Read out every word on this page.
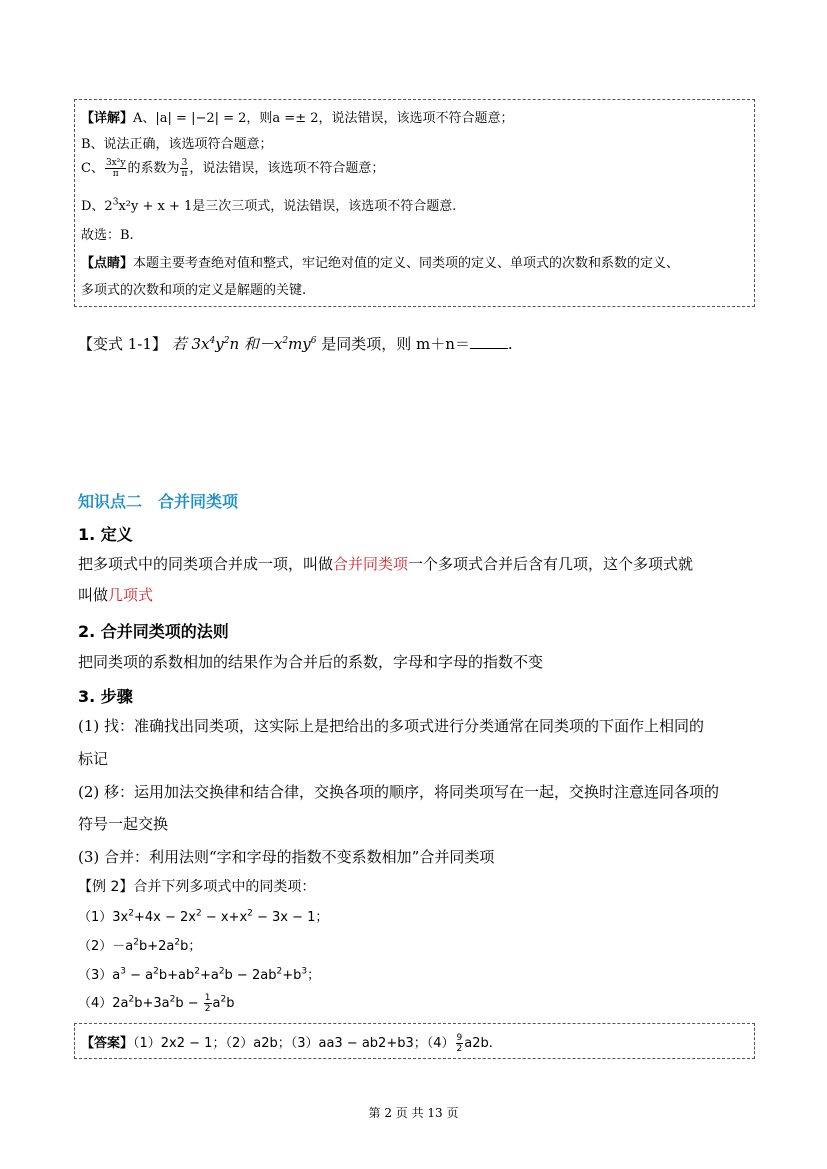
【详解】A、|a| = |−2| = 2，则a =± 2，说法错误，该选项不符合题意；
B、说法正确，该选项符合题意；
C、 $\frac{\text{3x²y}}{\pi}$ 的系数为 $\frac{3}{\pi}$ ，说法错误，该选项不符合题意；
D、$2^3x^2y + x + 1$是三次三项式，说法错误，该选项不符合题意.
故选：B.
【点睛】本题主要考查绝对值和整式，牢记绝对值的定义、同类项的定义、单项式的次数和系数的定义、
多项式的次数和项的定义是解题的关键.
【变式 1-1】 若 $3x^4y^2n$ 和$-x^2my^6$ 是同类项，则 m＋n＝	.
知识点二　合并同类项
1. 定义
把多项式中的同类项合并成一项，叫做合并同类项一个多项式合并后含有几项，这个多项式就
叫做几项式
2. 合并同类项的法则
把同类项的系数相加的结果作为合并后的系数，字母和字母的指数不变
3. 步骤
(1) 找：准确找出同类项，这实际上是把给出的多项式进行分类通常在同类项的下面作上相同的
标记
(2) 移：运用加法交换律和结合律，交换各项的顺序，将同类项写在一起，交换时注意连同各项的
符号一起交换
(3) 合并：利用法则“字和字母的指数不变系数相加”合并同类项
【例 2】合并下列多项式中的同类项：
$(1)3x^2+4x - 2x^2 - x+x^2 - 3x - 1$；
$(2)-a^2b+2a^2b$；
$(3)a^3 - a^2b+ab^2+a^2b - 2ab^2+b^3$；
$(4)2a^2b+3a^2b - \frac{1}{2} a^2b$
【答案】（1）2x2 − 1；（2）a2b；（3）aa3 − ab2+b3；$(4) \frac{9}{2} a2b$.
第 2 页 共 13 页
